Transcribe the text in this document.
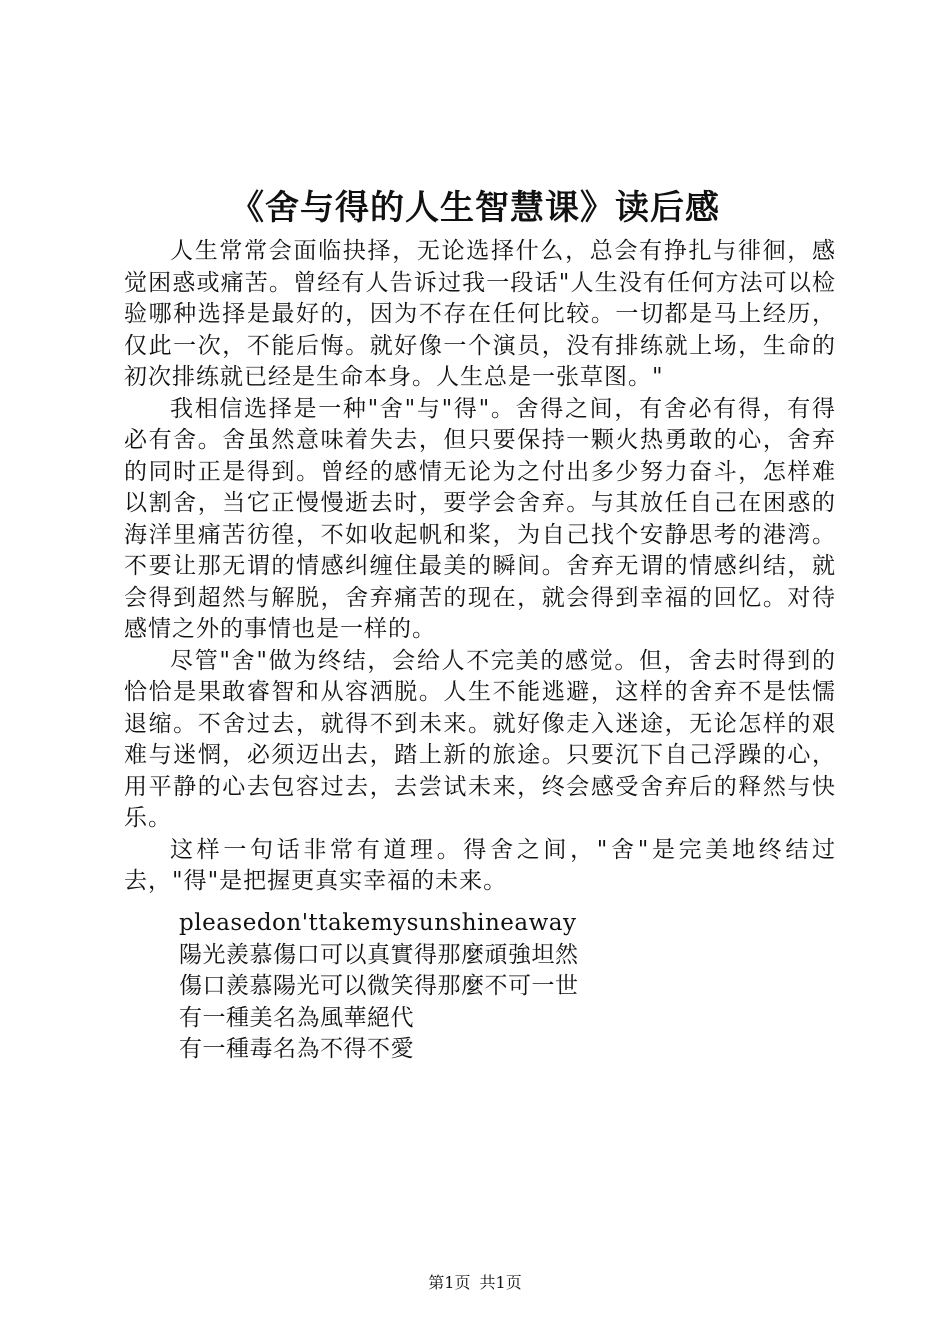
《舍与得的人生智慧课》读后感

人生常常会面临抉择，无论选择什么，总会有挣扎与徘徊，感觉困惑或痛苦。曾经有人告诉过我一段话"人生没有任何方法可以检验哪种选择是最好的，因为不存在任何比较。一切都是马上经历，仅此一次，不能后悔。就好像一个演员，没有排练就上场，生命的初次排练就已经是生命本身。人生总是一张草图。"

我相信选择是一种"舍"与"得"。舍得之间，有舍必有得，有得必有舍。舍虽然意味着失去，但只要保持一颗火热勇敢的心，舍弃的同时正是得到。曾经的感情无论为之付出多少努力奋斗，怎样难以割舍，当它正慢慢逝去时，要学会舍弃。与其放任自己在困惑的海洋里痛苦彷徨，不如收起帆和桨，为自己找个安静思考的港湾。不要让那无谓的情感纠缠住最美的瞬间。舍弃无谓的情感纠结，就会得到超然与解脱，舍弃痛苦的现在，就会得到幸福的回忆。对待感情之外的事情也是一样的。

尽管"舍"做为终结，会给人不完美的感觉。但，舍去时得到的恰恰是果敢睿智和从容洒脱。人生不能逃避，这样的舍弃不是怯懦退缩。不舍过去，就得不到未来。就好像走入迷途，无论怎样的艰难与迷惘，必须迈出去，踏上新的旅途。只要沉下自己浮躁的心，用平静的心去包容过去，去尝试未来，终会感受舍弃后的释然与快乐。

这样一句话非常有道理。得舍之间，"舍"是完美地终结过去，"得"是把握更真实幸福的未来。

pleasedon'ttakemysunshineaway

陽光羨慕傷口可以真實得那麼頑強坦然

傷口羨慕陽光可以微笑得那麼不可一世

有一種美名為風華絕代

有一種毒名為不得不愛

第1页 共1页
